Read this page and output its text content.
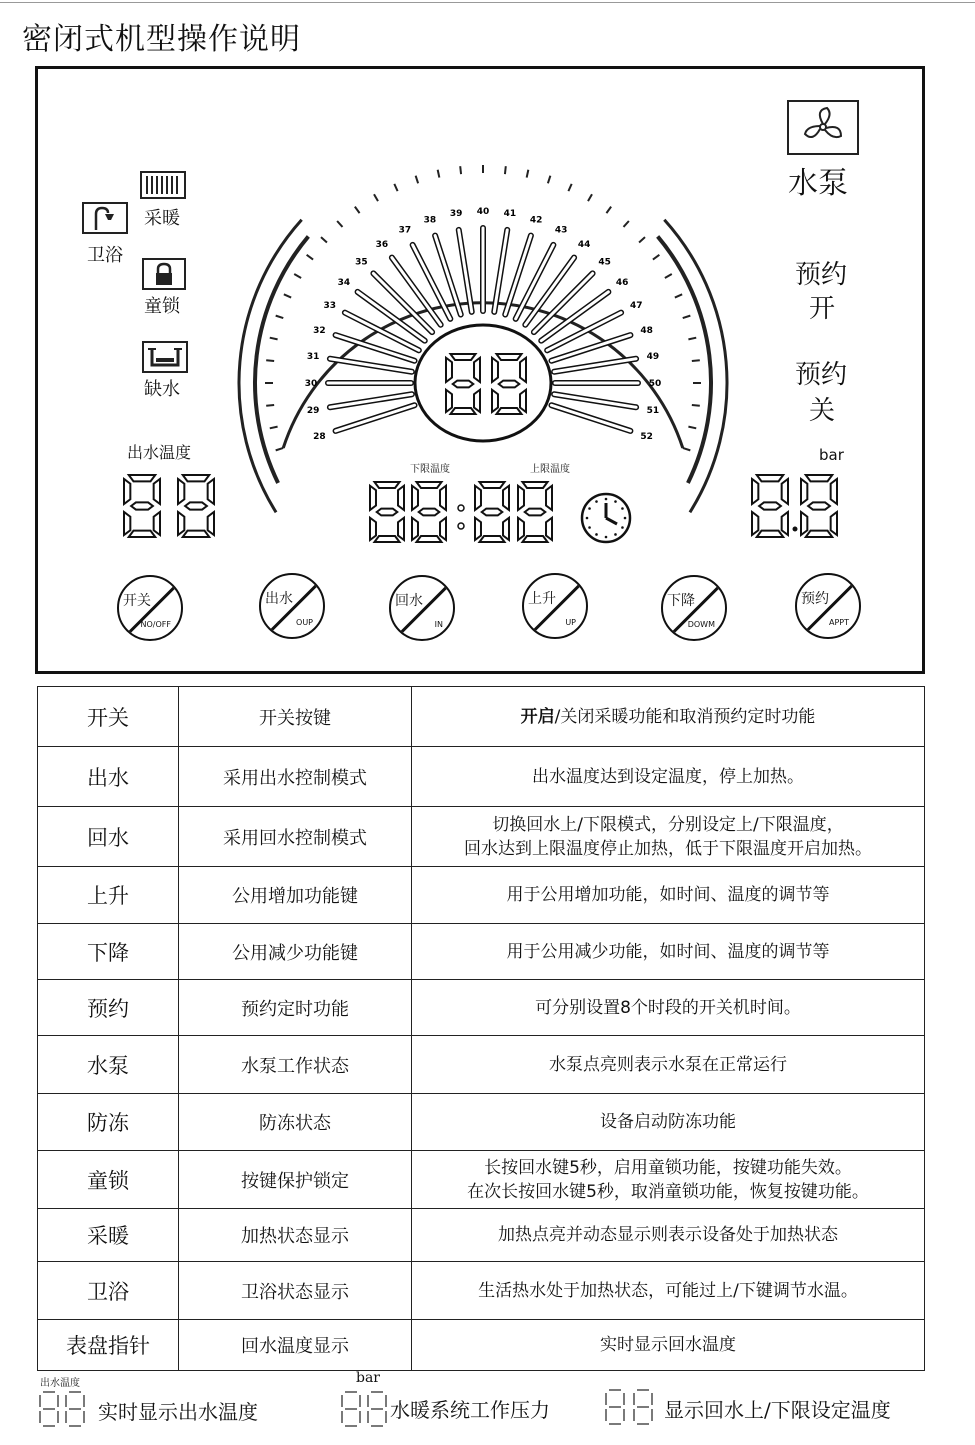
密闭式机型操作说明
28
29
30
31
32
33
34
35
36
37
38
39 40 41
42
43
44
45
46
47
48
49
50
51
52
采暖
卫浴
童锁
缺水
水泵
预约
开
预约
关
出水温度	bar
下限温度	上限温度
开关
NO/OFF
出水
OUP
回水
IN
上升
UP
下降
DOWM
预约
APPT
开关	开关按键	开启/关闭采暖功能和取消预约定时功能
出水	采用出水控制模式	出水温度达到设定温度，停上加热。
回水	采用回水控制模式	切换回水上/下限模式，分别设定上/下限温度，
回水达到上限温度停止加热，低于下限温度开启加热。

上升	公用增加功能键	用于公用增加功能，如时间、温度的调节等
下降	公用减少功能键	用于公用减少功能，如时间、温度的调节等
预约	预约定时功能	可分别设置8个时段的开关机时间。
水泵	水泵工作状态	水泵点亮则表示水泵在正常运行
防冻	防冻状态	设备启动防冻功能
童锁	按键保护锁定	长按回水键5秒，启用童锁功能，按键功能失效。
在次长按回水键5秒，取消童锁功能，恢复按键功能。

采暖	加热状态显示	加热点亮并动态显示则表示设备处于加热状态
卫浴	卫浴状态显示	生活热水处于加热状态，可能过上/下键调节水温。
表盘指针	回水温度显示	实时显示回水温度
出水温度
实时显示出水温度
bar
水暖系统工作压力	显示回水上/下限设定温度
